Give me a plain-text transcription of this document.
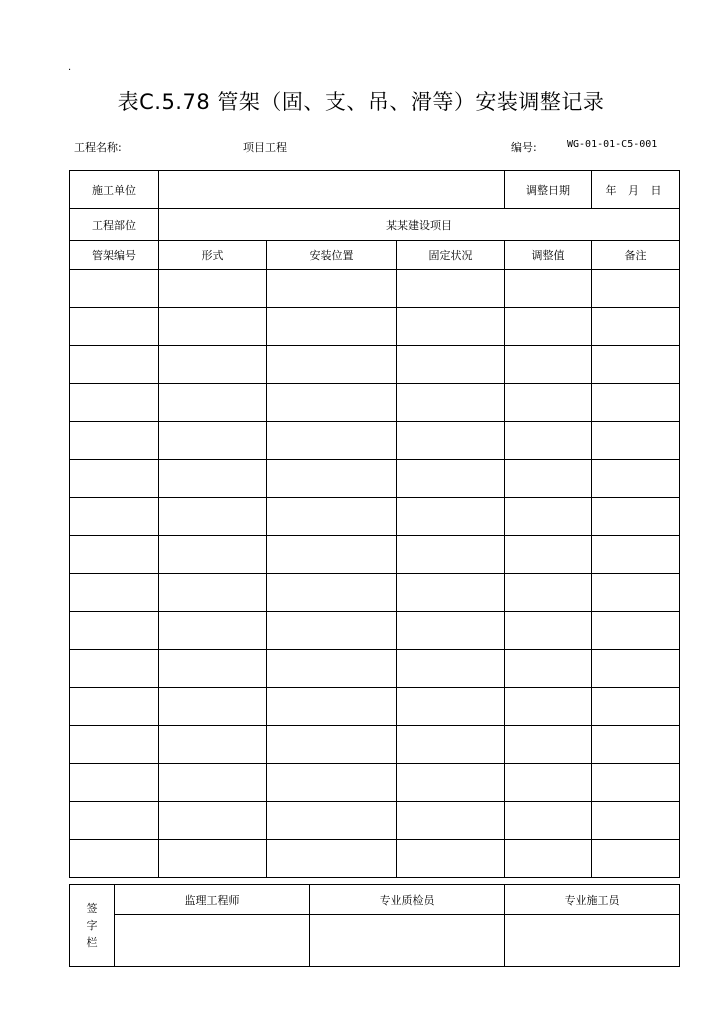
.
表C.5.78 管架（固、支、吊、滑等）安装调整记录
工程名称:	项目工程	编号:	WG-01-01-C5-001
施工单位				调整日期	年 月 日
工程部位	某某建设项目				
管架编号	形式	安装位置	固定状况	调整值	备注

签
字
栏	监理工程师	专业质检员	专业施工员
